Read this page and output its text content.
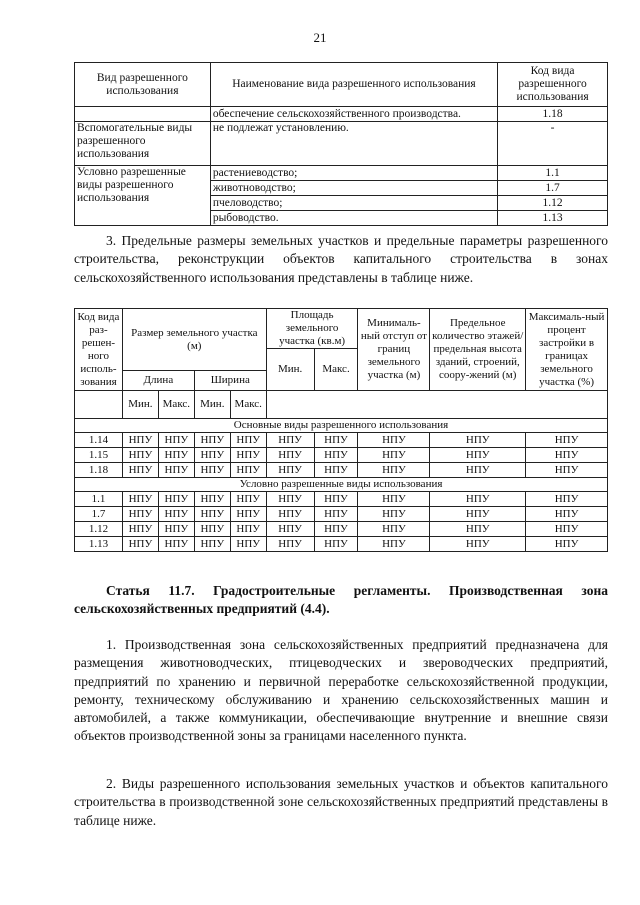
21
Вид разрешенного использования	Наименование вида разрешенного использования	Код вида разрешенного использования
	обеспечение сельскохозяйственного производства.	1.18
Вспомогательные виды разрешенного использования	не подлежат установлению.	-
Условно разрешенные виды разрешенного использования	растениеводство;	1.1
	животноводство;	1.7
	пчеловодство;	1.12
	рыбоводство.	1.13

3. Предельные размеры земельных участков и предельные параметры разрешенного строительства, реконструкции объектов капитального строительства в зонах сельскохозяйственного использования представлены в таблице ниже.

Код вида раз-решен-ного исполь-зования	Размер земельного участка (м)				Площадь земельного участка (кв.м)		Минималь-ный отступ от границ земельного участка (м)	Предельное количество этажей/ предельная высота зданий, строений, соору-жений (м)	Максималь-ный процент застройки в границах земельного участка (%)
					Мин.	Макс.			
	Длина		Ширина						
	Мин.	Макс.	Мин.	Макс.					
Основные виды разрешенного использования									
1.14	НПУ	НПУ	НПУ	НПУ	НПУ	НПУ	НПУ	НПУ	НПУ
1.15	НПУ	НПУ	НПУ	НПУ	НПУ	НПУ	НПУ	НПУ	НПУ
1.18	НПУ	НПУ	НПУ	НПУ	НПУ	НПУ	НПУ	НПУ	НПУ
Условно разрешенные виды использования									
1.1	НПУ	НПУ	НПУ	НПУ	НПУ	НПУ	НПУ	НПУ	НПУ
1.7	НПУ	НПУ	НПУ	НПУ	НПУ	НПУ	НПУ	НПУ	НПУ
1.12	НПУ	НПУ	НПУ	НПУ	НПУ	НПУ	НПУ	НПУ	НПУ
1.13	НПУ	НПУ	НПУ	НПУ	НПУ	НПУ	НПУ	НПУ	НПУ

Статья 11.7. Градостроительные регламенты. Производственная зона сельскохозяйственных предприятий (4.4).

1. Производственная зона сельскохозяйственных предприятий предназначена для размещения животноводческих, птицеводческих и звероводческих предприятий, предприятий по хранению и первичной переработке сельскохозяйственной продукции, ремонту, техническому обслуживанию и хранению сельскохозяйственных машин и автомобилей, а также коммуникации, обеспечивающие внутренние и внешние связи объектов производственной зоны за границами населенного пункта.

2. Виды разрешенного использования земельных участков и объектов капитального строительства в производственной зоне сельскохозяйственных предприятий представлены в таблице ниже.
